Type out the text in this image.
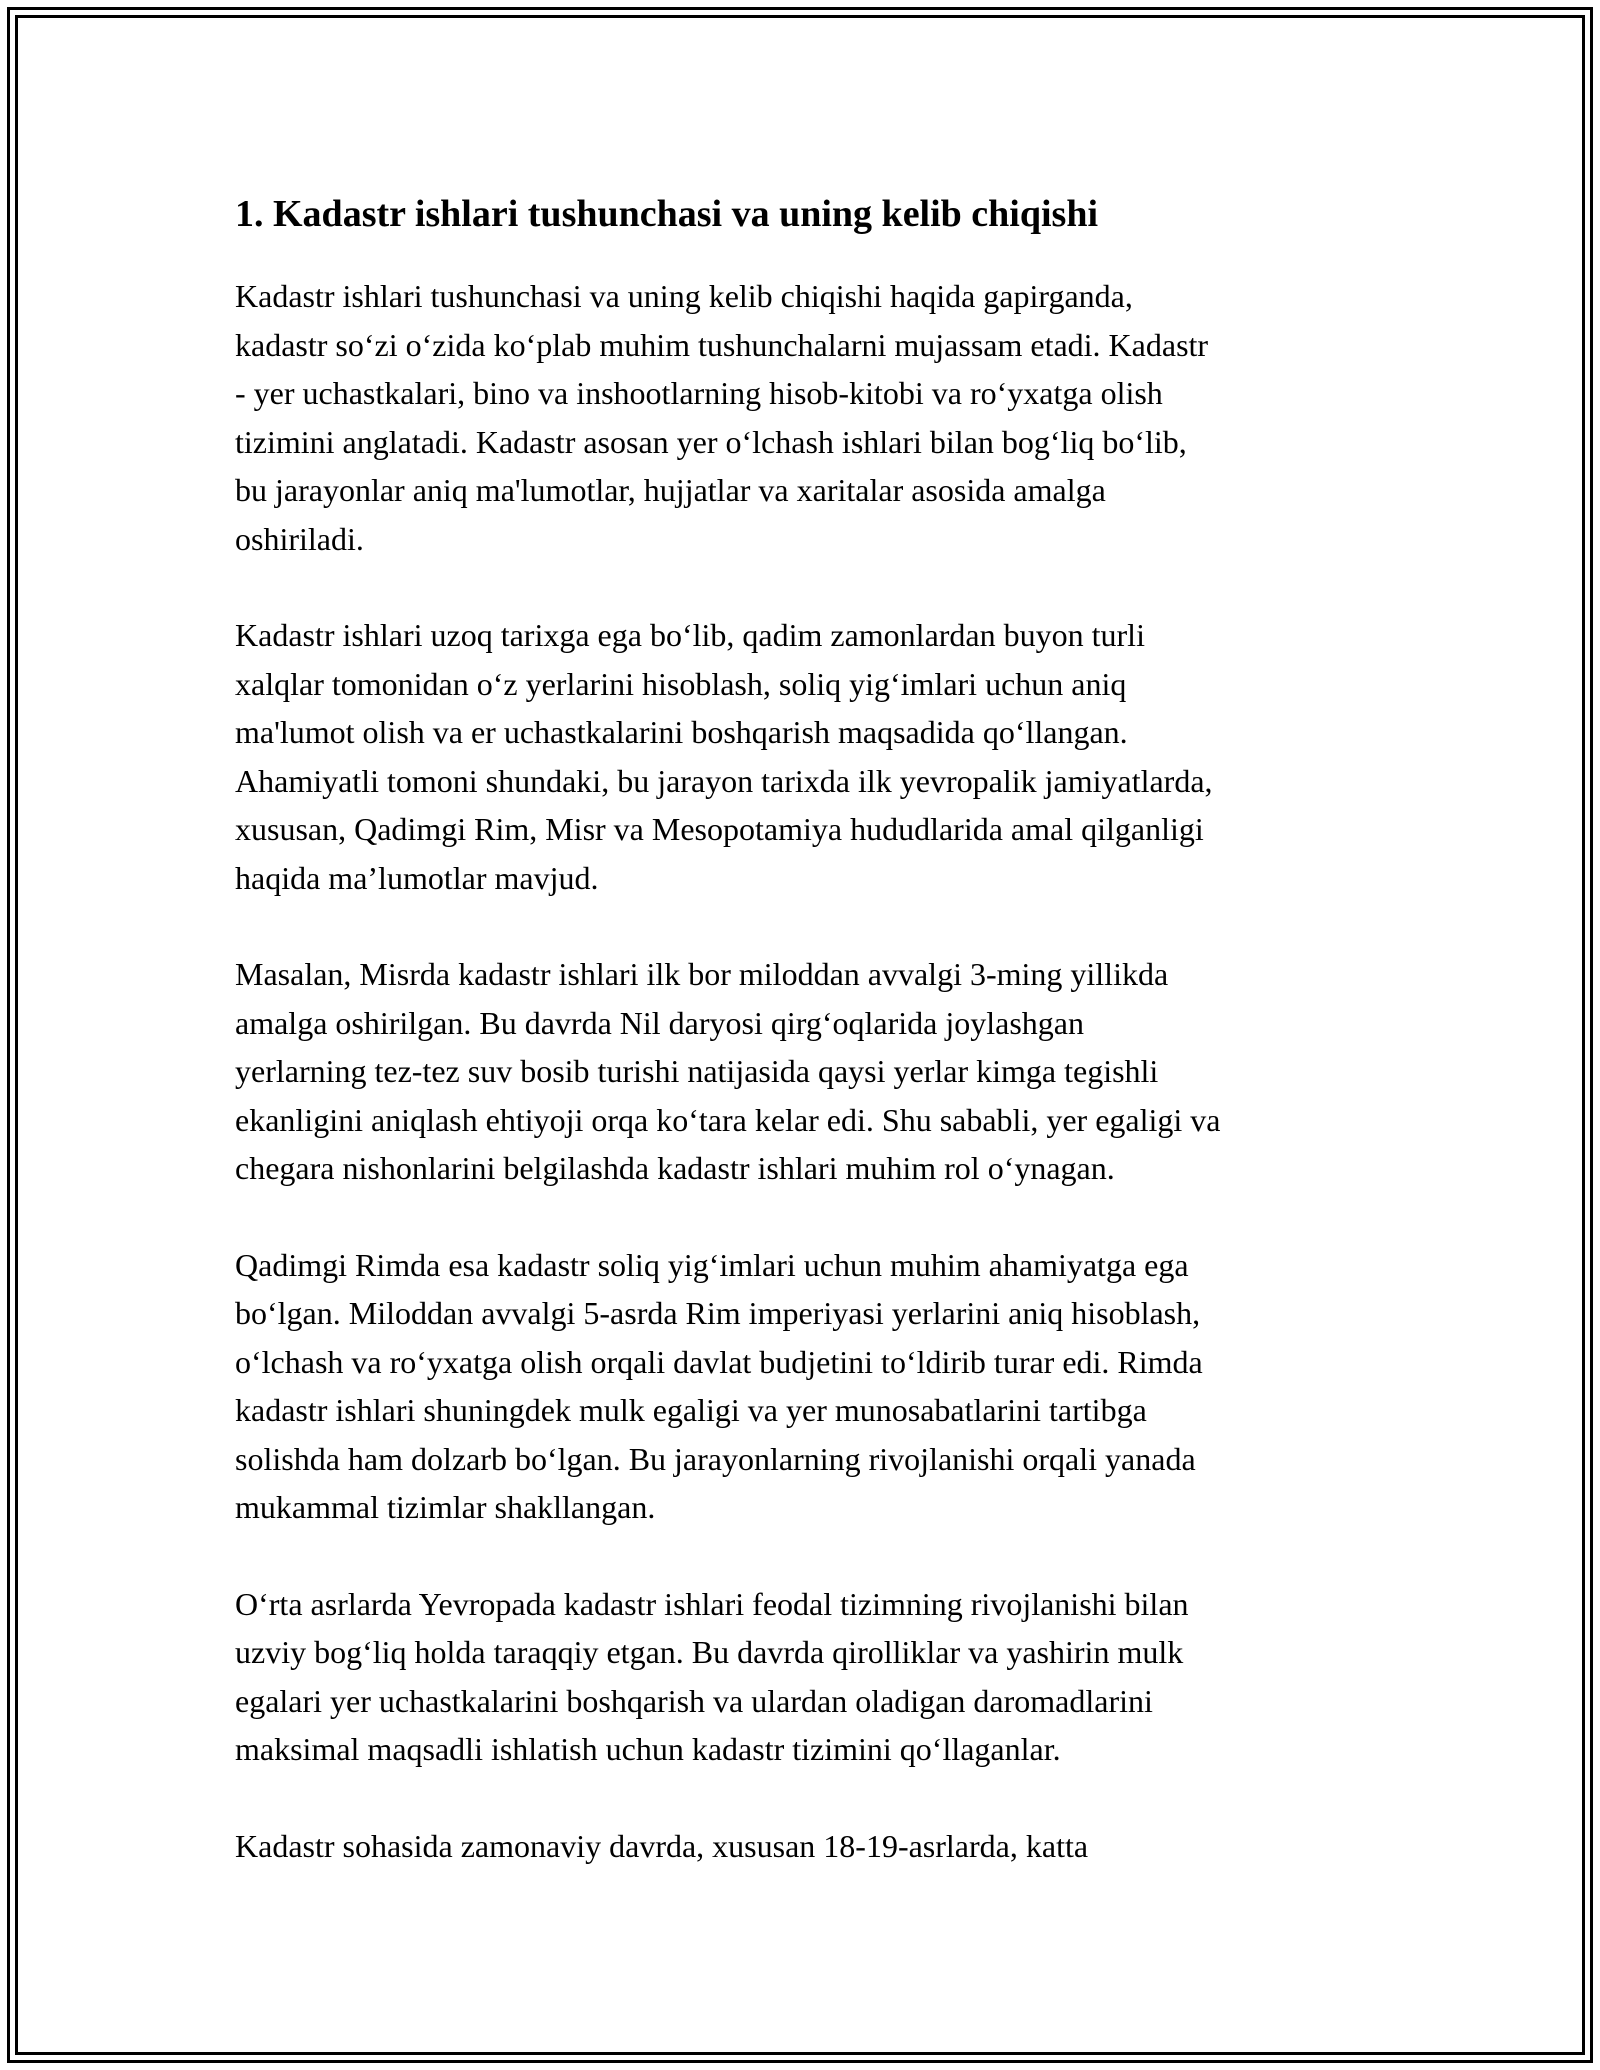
1. Kadastr ishlari tushunchasi va uning kelib chiqishi

Kadastr ishlari tushunchasi va uning kelib chiqishi haqida gapirganda,
kadastr so‘zi o‘zida ko‘plab muhim tushunchalarni mujassam etadi. Kadastr
- yer uchastkalari, bino va inshootlarning hisob-kitobi va ro‘yxatga olish
tizimini anglatadi. Kadastr asosan yer o‘lchash ishlari bilan bog‘liq bo‘lib,
bu jarayonlar aniq ma'lumotlar, hujjatlar va xaritalar asosida amalga
oshiriladi.

Kadastr ishlari uzoq tarixga ega bo‘lib, qadim zamonlardan buyon turli
xalqlar tomonidan o‘z yerlarini hisoblash, soliq yig‘imlari uchun aniq
ma'lumot olish va er uchastkalarini boshqarish maqsadida qo‘llangan.
Ahamiyatli tomoni shundaki, bu jarayon tarixda ilk yevropalik jamiyatlarda,
xususan, Qadimgi Rim, Misr va Mesopotamiya hududlarida amal qilganligi
haqida ma’lumotlar mavjud.

Masalan, Misrda kadastr ishlari ilk bor miloddan avvalgi 3-ming yillikda
amalga oshirilgan. Bu davrda Nil daryosi qirg‘oqlarida joylashgan
yerlarning tez-tez suv bosib turishi natijasida qaysi yerlar kimga tegishli
ekanligini aniqlash ehtiyoji orqa ko‘tara kelar edi. Shu sababli, yer egaligi va
chegara nishonlarini belgilashda kadastr ishlari muhim rol o‘ynagan.

Qadimgi Rimda esa kadastr soliq yig‘imlari uchun muhim ahamiyatga ega
bo‘lgan. Miloddan avvalgi 5-asrda Rim imperiyasi yerlarini aniq hisoblash,
o‘lchash va ro‘yxatga olish orqali davlat budjetini to‘ldirib turar edi. Rimda
kadastr ishlari shuningdek mulk egaligi va yer munosabatlarini tartibga
solishda ham dolzarb bo‘lgan. Bu jarayonlarning rivojlanishi orqali yanada
mukammal tizimlar shakllangan.

O‘rta asrlarda Yevropada kadastr ishlari feodal tizimning rivojlanishi bilan
uzviy bog‘liq holda taraqqiy etgan. Bu davrda qirolliklar va yashirin mulk
egalari yer uchastkalarini boshqarish va ulardan oladigan daromadlarini
maksimal maqsadli ishlatish uchun kadastr tizimini qo‘llaganlar.

Kadastr sohasida zamonaviy davrda, xususan 18-19-asrlarda, katta
